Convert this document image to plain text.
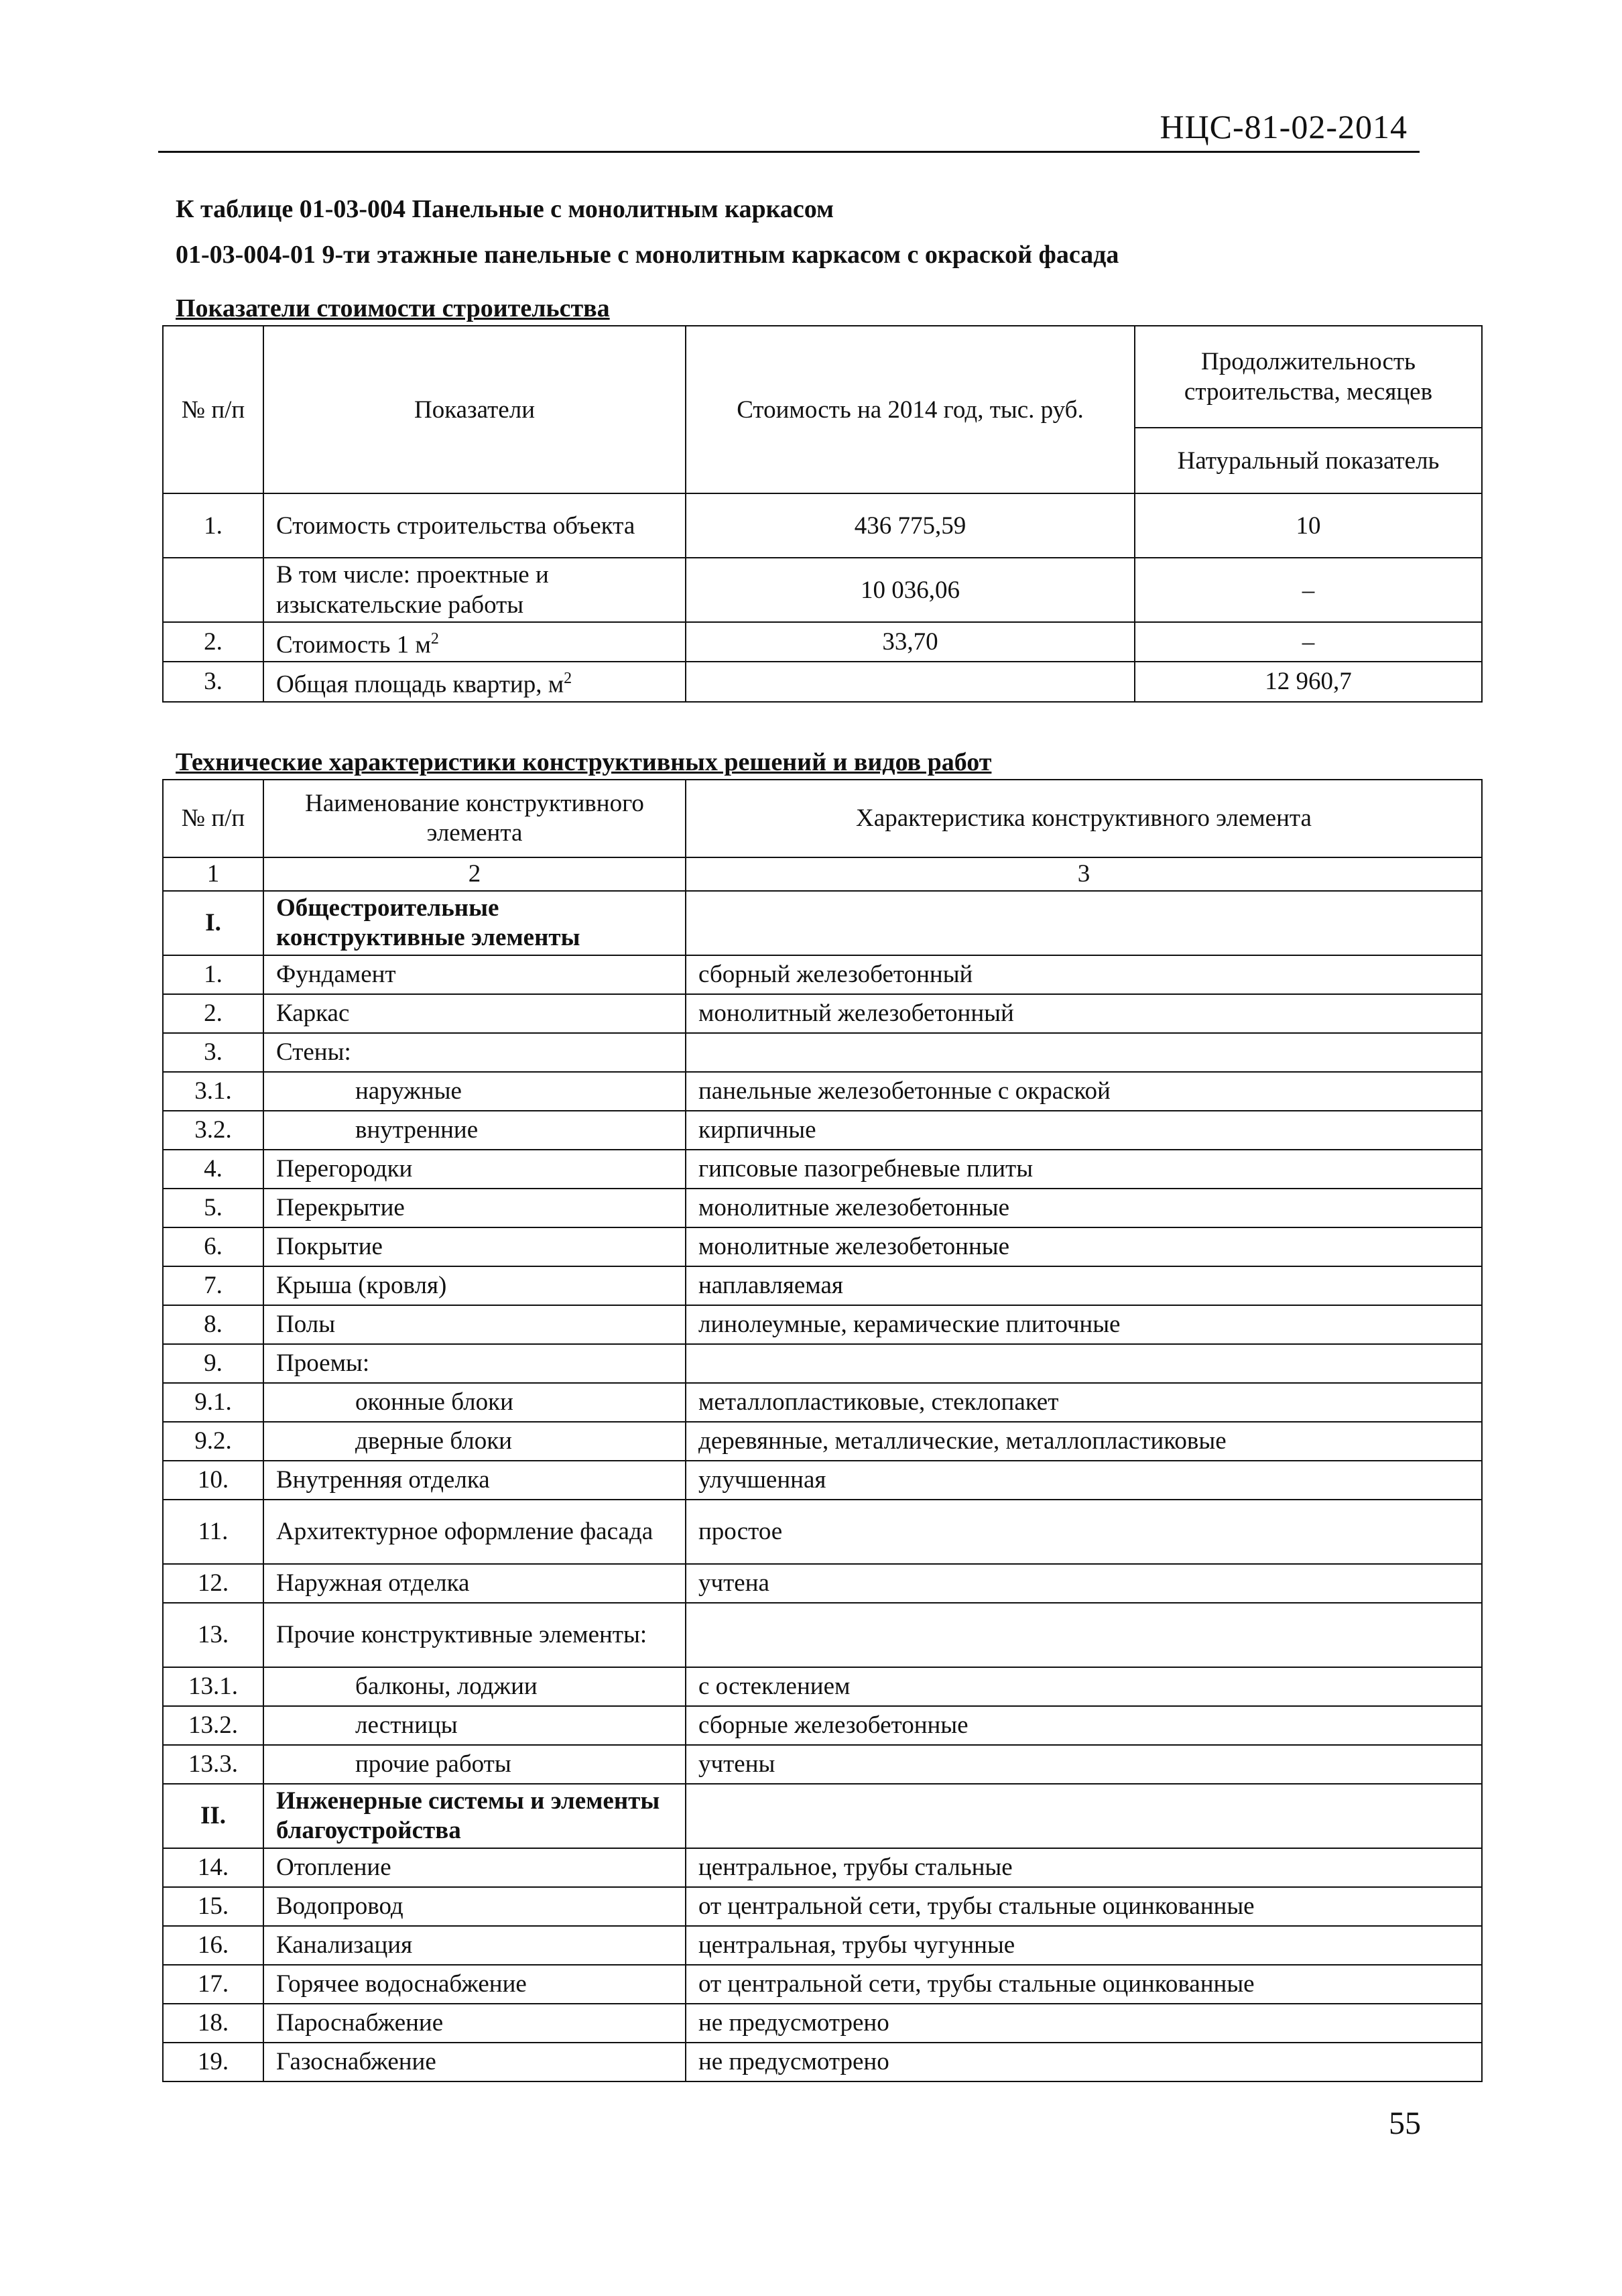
НЦС-81-02-2014
К таблице 01-03-004 Панельные с монолитным каркасом
01-03-004-01 9-ти этажные панельные с монолитным каркасом с окраской фасада
Показатели стоимости строительства
№ п/п	Показатели	Стоимость на 2014 год, тыс. руб.	Продолжительность строительства, месяцев
			Натуральный показатель
1.	Стоимость строительства объекта	436 775,59	10
	В том числе: проектные и изыскательские работы	10 036,06	–
2.	Стоимость 1 $м^2$	33,70	–
3.	Общая площадь квартир, $м^2$		12 960,7
Технические характеристики конструктивных решений и видов работ
№ п/п	Наименование конструктивного элемента	Характеристика конструктивного элемента
1	2	3
I.	Общестроительные конструктивные элементы	
1.	Фундамент	сборный железобетонный
2.	Каркас	монолитный железобетонный
3.	Стены:	
3.1.	наружные	панельные железобетонные с окраской
3.2.	внутренние	кирпичные
4.	Перегородки	гипсовые пазогребневые плиты
5.	Перекрытие	монолитные железобетонные
6.	Покрытие	монолитные железобетонные
7.	Крыша (кровля)	наплавляемая
8.	Полы	линолеумные, керамические плиточные
9.	Проемы:	
9.1.	оконные блоки	металлопластиковые, стеклопакет
9.2.	дверные блоки	деревянные, металлические, металлопластиковые
10.	Внутренняя отделка	улучшенная
11.	Архитектурное оформление фасада	простое
12.	Наружная отделка	учтена
13.	Прочие конструктивные элементы:	
13.1.	балконы, лоджии	с остеклением
13.2.	лестницы	сборные железобетонные
13.3.	прочие работы	учтены
II.	Инженерные системы и элементы благоустройства	
14.	Отопление	центральное, трубы стальные
15.	Водопровод	от центральной сети, трубы стальные оцинкованные
16.	Канализация	центральная, трубы чугунные
17.	Горячее водоснабжение	от центральной сети, трубы стальные оцинкованные
18.	Пароснабжение	не предусмотрено
19.	Газоснабжение	не предусмотрено
55
